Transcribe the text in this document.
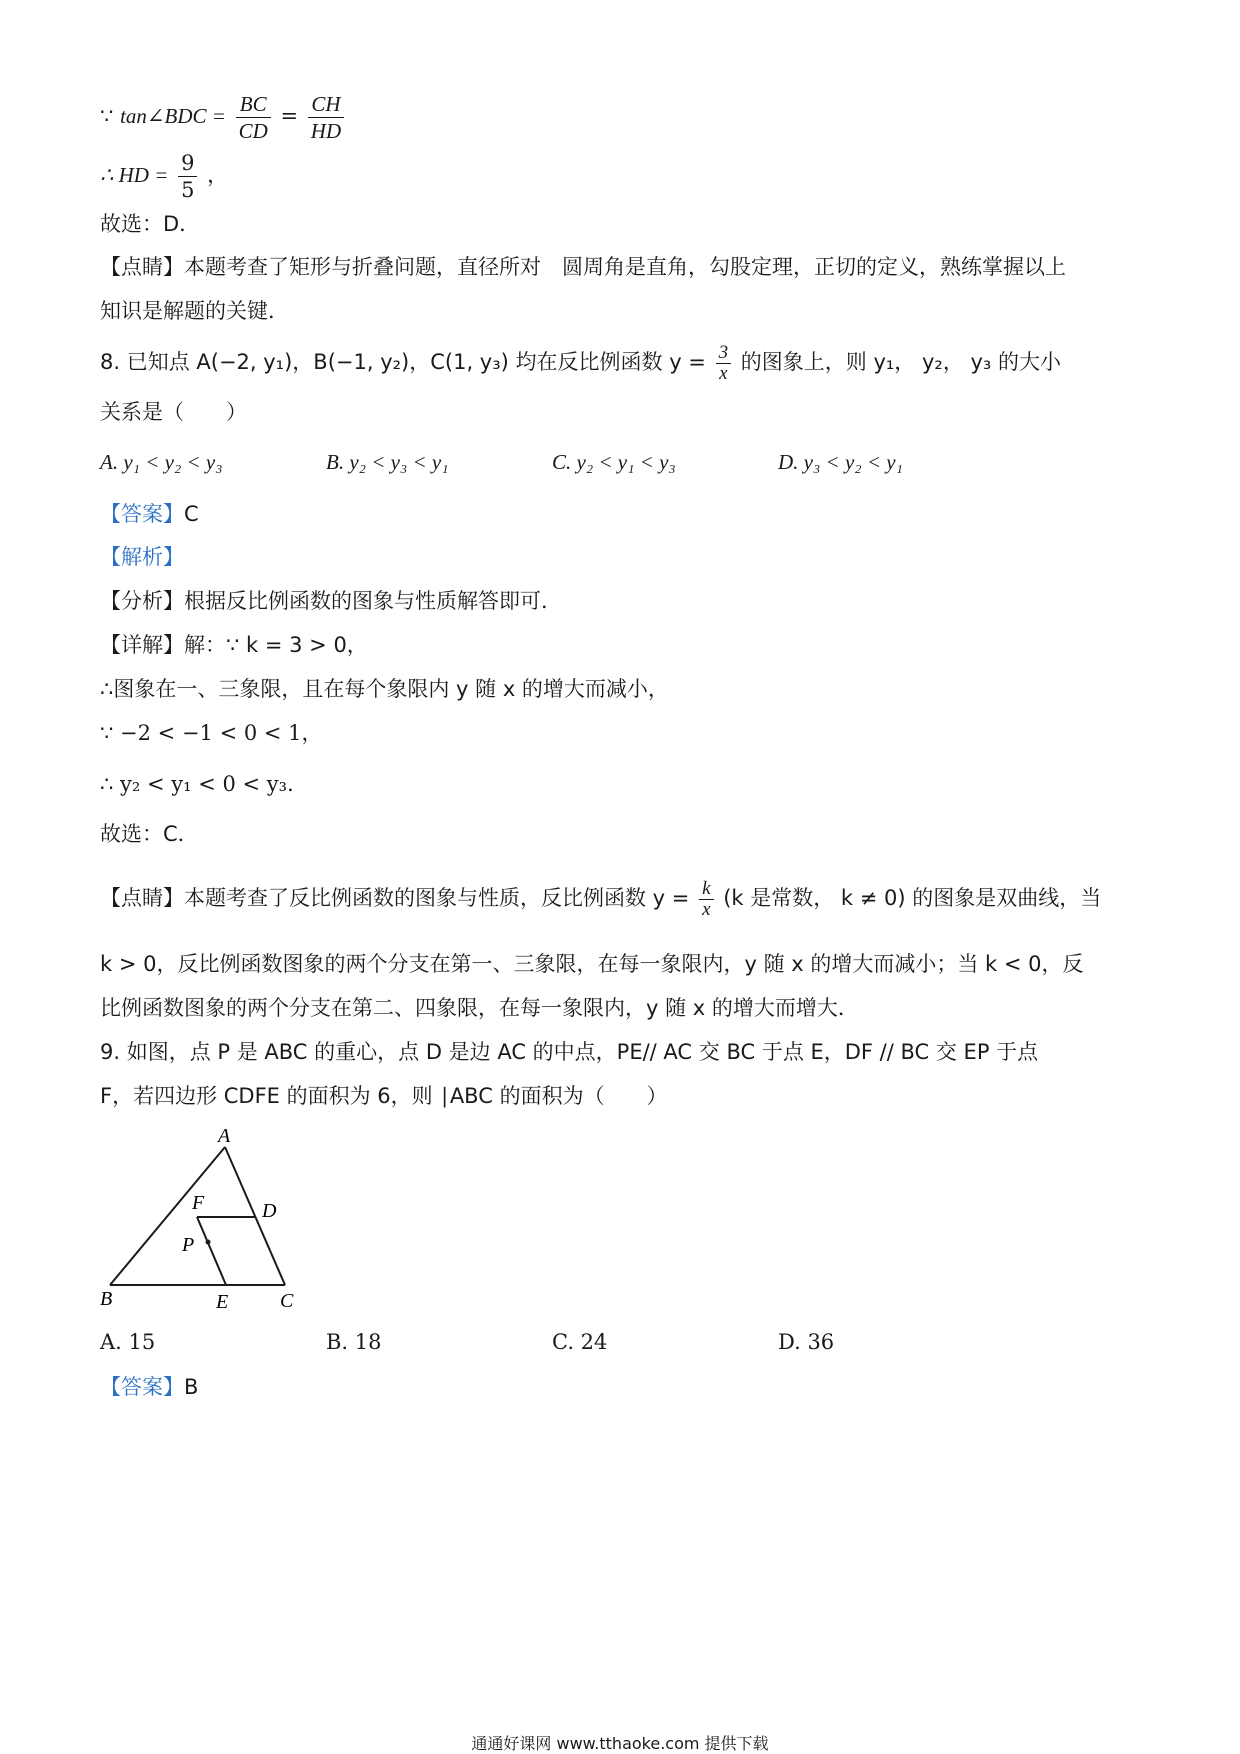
∵ tan∠BDC = $\frac{BC}{CD} = \frac{CH}{HD}$
∴ HD = $\frac{9}{5}$ ，
故选：D．
【点睛】本题考查了矩形与折叠问题，直径所对　圆周角是直角，勾股定理，正切的定义，熟练掌握以上
知识是解题的关键．
8. 已知点 A(−2, y₁)，B(−1, y₂)，C(1, y₃) 均在反比例函数 $y = \frac{3}{x}$ 的图象上，则 y₁， y₂， y₃ 的大小
关系是（　　）
A. y₁ < y₂ < y₃	B. y₂ < y₃ < y₁	C. y₂ < y₁ < y₃	D. y₃ < y₂ < y₁
【答案】C
【解析】
【分析】根据反比例函数的图象与性质解答即可．
【详解】解：∵ k = 3 > 0，
∴图象在一、三象限，且在每个象限内 y 随 x 的增大而减小，
∵ −2 < −1 < 0 < 1，
∴ y₂ < y₁ < 0 < y₃．
故选：C．
【点睛】本题考查了反比例函数的图象与性质，反比例函数 $y = \frac{k}{x} (k$ 是常数， k ≠ 0) 的图象是双曲线，当
k > 0，反比例函数图象的两个分支在第一、三象限，在每一象限内，y 随 x 的增大而减小；当 k < 0，反
比例函数图象的两个分支在第二、四象限，在每一象限内，y 随 x 的增大而增大．
9. 如图，点 P 是 ABC 的重心，点 D 是边 AC 的中点，PE// AC 交 BC 于点 E，DF // BC 交 EP 于点
F，若四边形 CDFE 的面积为 6，则 ∣ABC 的面积为（　　）
A
B	C
D
E
F
P
A. 15	B. 18	C. 24	D. 36
【答案】B
通通好课网 www.tthaoke.com 提供下载
